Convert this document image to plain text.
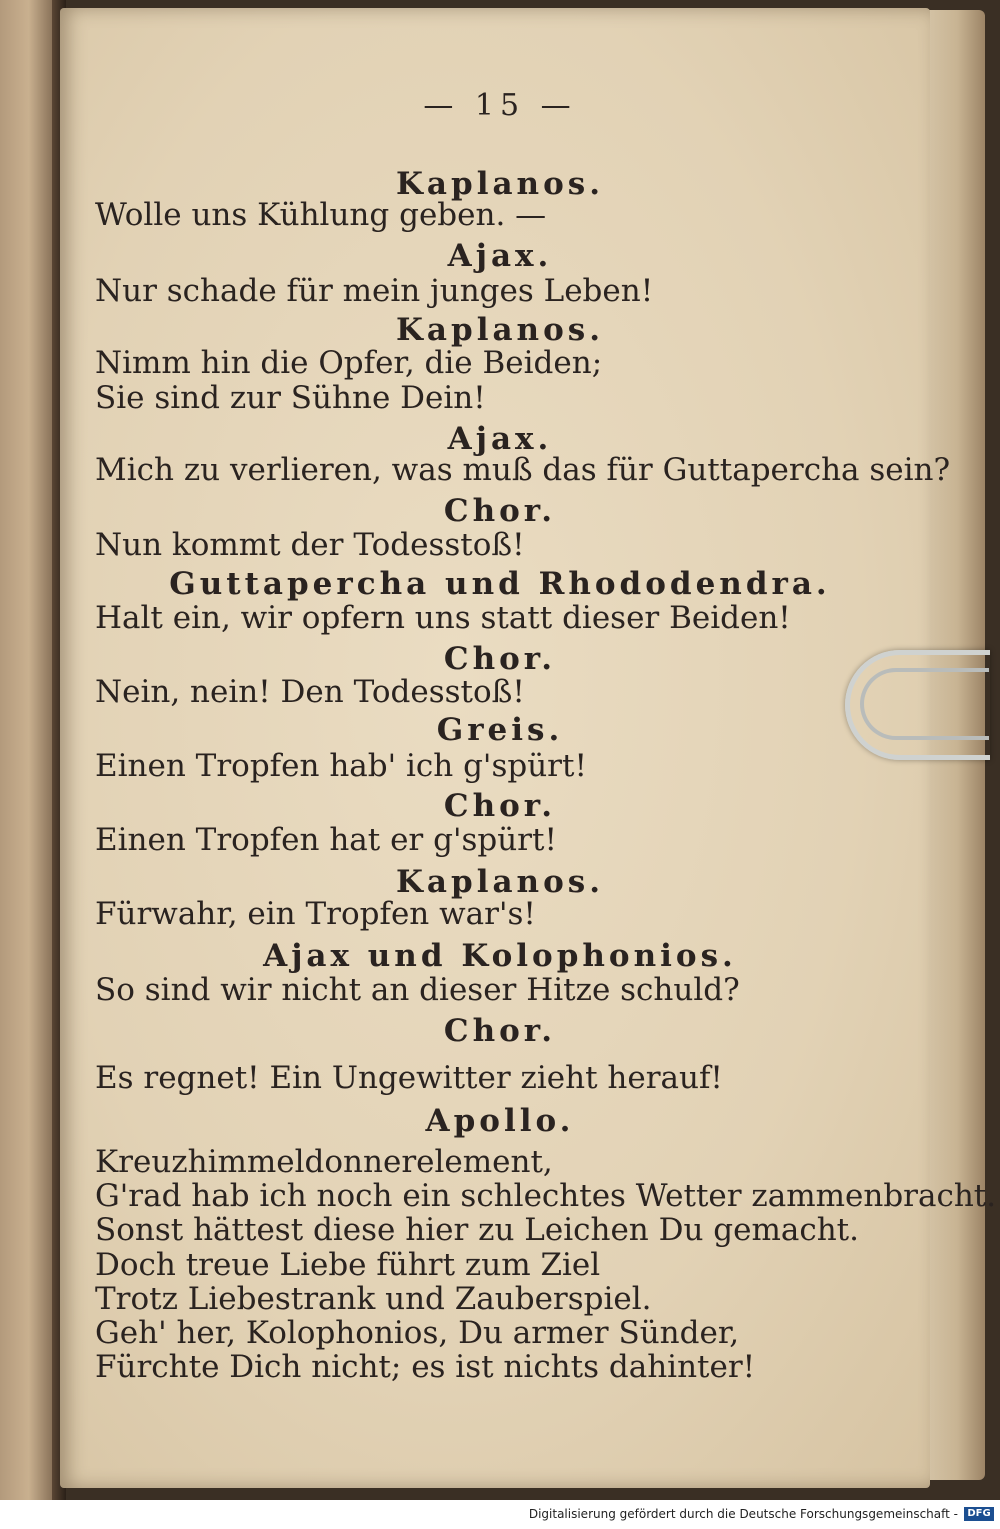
— 15 —

Kaplanos.

Wolle uns Kühlung geben. —

Ajax.

Nur schade für mein junges Leben!

Kaplanos.

Nimm hin die Opfer, die Beiden;

Sie sind zur Sühne Dein!

Ajax.

Mich zu verlieren, was muß das für Guttapercha sein?

Chor.

Nun kommt der Todesstoß!

Guttapercha und Rhododendra.

Halt ein, wir opfern uns statt dieser Beiden!

Chor.

Nein, nein! Den Todesstoß!

Greis.

Einen Tropfen hab' ich g'spürt!

Chor.

Einen Tropfen hat er g'spürt!

Kaplanos.

Fürwahr, ein Tropfen war's!

Ajax und Kolophonios.

So sind wir nicht an dieser Hitze schuld?

Chor.

Es regnet! Ein Ungewitter zieht herauf!

Apollo.

Kreuzhimmeldonnerelement,

G'rad hab ich noch ein schlechtes Wetter zammenbracht.

Sonst hättest diese hier zu Leichen Du gemacht.

Doch treue Liebe führt zum Ziel

Trotz Liebestrank und Zauberspiel.

Geh' her, Kolophonios, Du armer Sünder,

Fürchte Dich nicht; es ist nichts dahinter!

Digitalisierung gefördert durch die Deutsche Forschungsgemeinschaft - DFG
